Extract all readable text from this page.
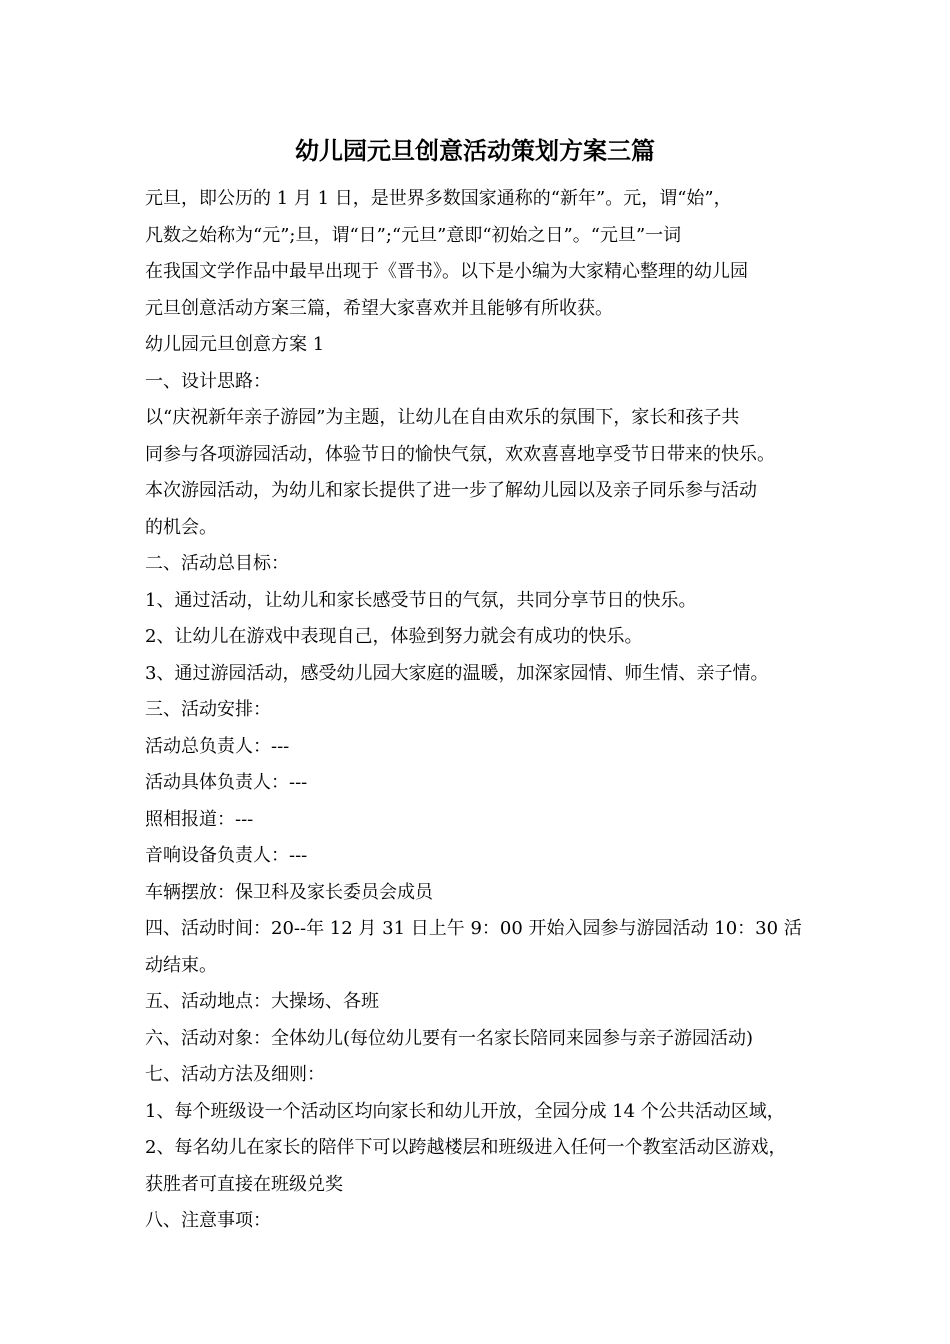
幼儿园元旦创意活动策划方案三篇
元旦，即公历的 1 月 1 日，是世界多数国家通称的“新年”。元，谓“始”，
凡数之始称为“元”;旦，谓“日”;“元旦”意即“初始之日”。“元旦”一词
在我国文学作品中最早出现于《晋书》。以下是小编为大家精心整理的幼儿园
元旦创意活动方案三篇，希望大家喜欢并且能够有所收获。
幼儿园元旦创意方案 1
一、设计思路：
以“庆祝新年亲子游园”为主题，让幼儿在自由欢乐的氛围下，家长和孩子共
同参与各项游园活动，体验节日的愉快气氛，欢欢喜喜地享受节日带来的快乐。
本次游园活动，为幼儿和家长提供了进一步了解幼儿园以及亲子同乐参与活动
的机会。
二、活动总目标：
1、通过活动，让幼儿和家长感受节日的气氛，共同分享节日的快乐。
2、让幼儿在游戏中表现自己，体验到努力就会有成功的快乐。
3、通过游园活动，感受幼儿园大家庭的温暖，加深家园情、师生情、亲子情。
三、活动安排：
活动总负责人：---
活动具体负责人：---
照相报道：---
音响设备负责人：---
车辆摆放：保卫科及家长委员会成员
四、活动时间：20--年 12 月 31 日上午 9：00 开始入园参与游园活动 10：30 活
动结束。
五、活动地点：大操场、各班
六、活动对象：全体幼儿(每位幼儿要有一名家长陪同来园参与亲子游园活动)
七、活动方法及细则：
1、每个班级设一个活动区均向家长和幼儿开放，全园分成 14 个公共活动区域，
2、每名幼儿在家长的陪伴下可以跨越楼层和班级进入任何一个教室活动区游戏，
获胜者可直接在班级兑奖
八、注意事项：
